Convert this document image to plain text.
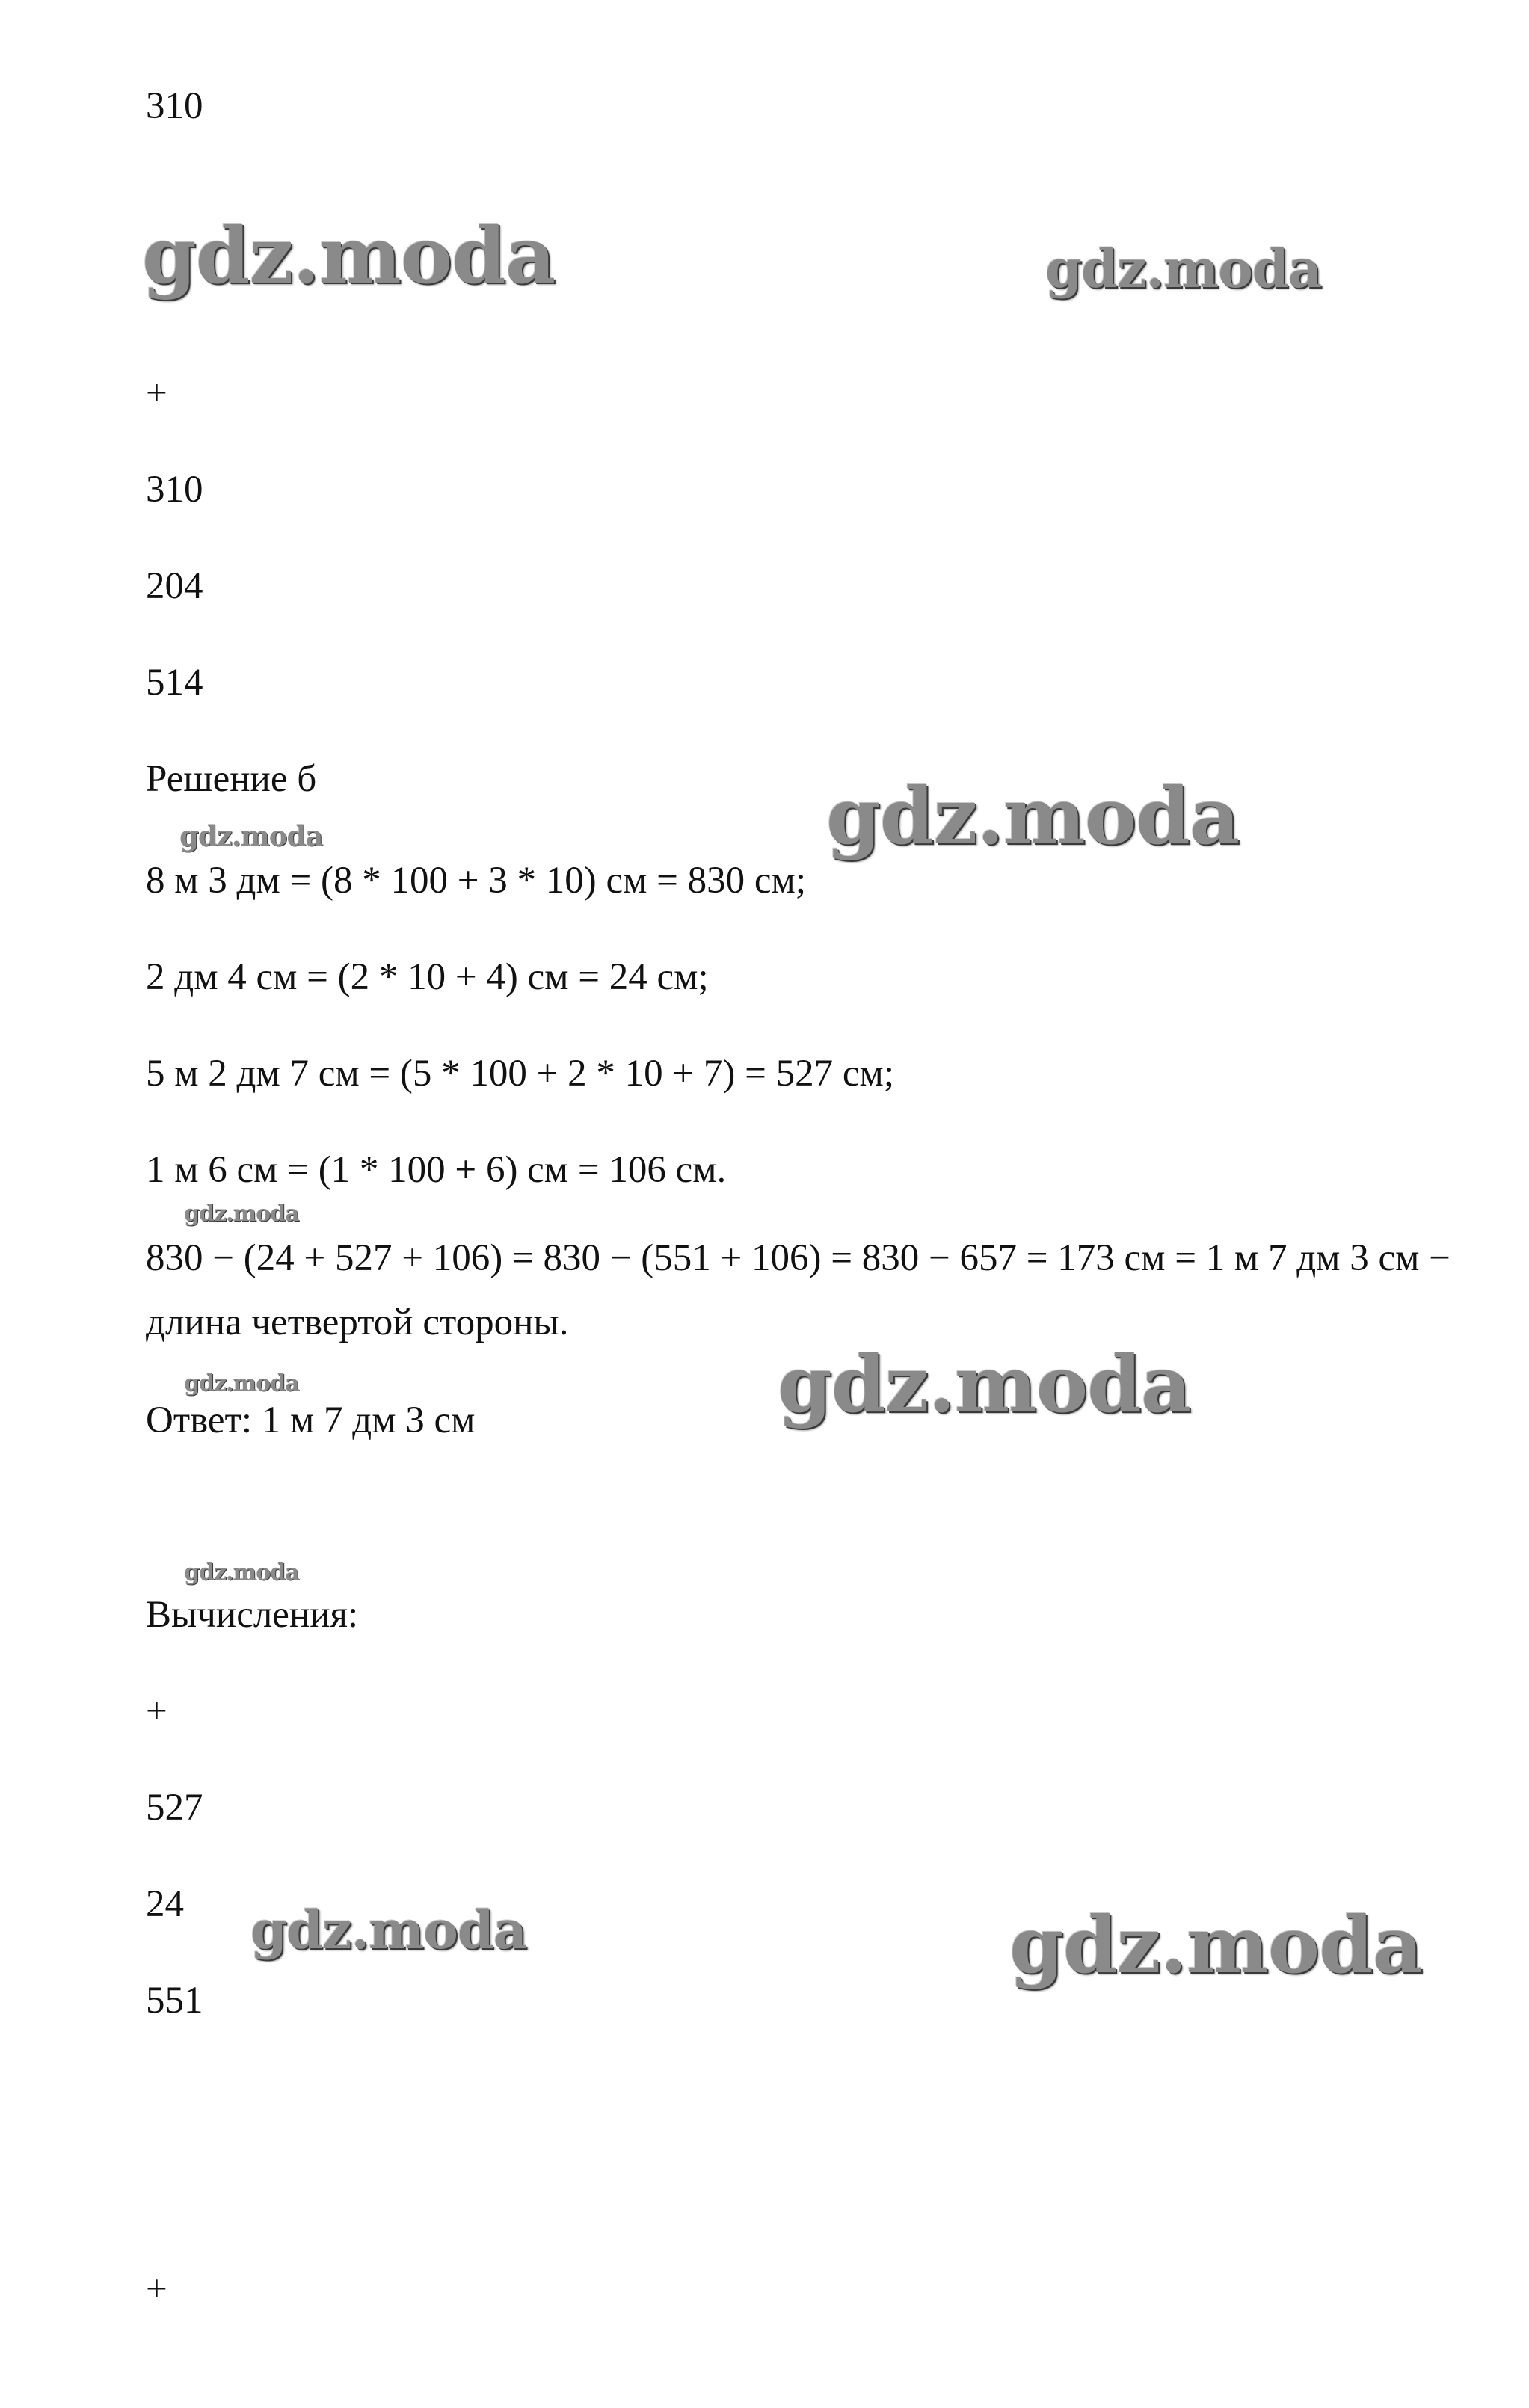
gdz.moda	gdz.moda
gdz.moda
gdz.moda
gdz.moda
gdz.moda	gdz.moda
gdz.moda
gdz.moda	gdz.moda
310
+
310
204
514
Решение б
8 м 3 дм = (8 * 100 + 3 * 10) см = 830 см;
2 дм 4 см = (2 * 10 + 4) см = 24 см;
5 м 2 дм 7 см = (5 * 100 + 2 * 10 + 7) = 527 см;
1 м 6 см = (1 * 100 + 6) см = 106 см.
830 − (24 + 527 + 106) = 830 − (551 + 106) = 830 − 657 = 173 см = 1 м 7 дм 3 см − длина четвертой стороны.
Ответ: 1 м 7 дм 3 см
Вычисления:
+
527
24
551
+
